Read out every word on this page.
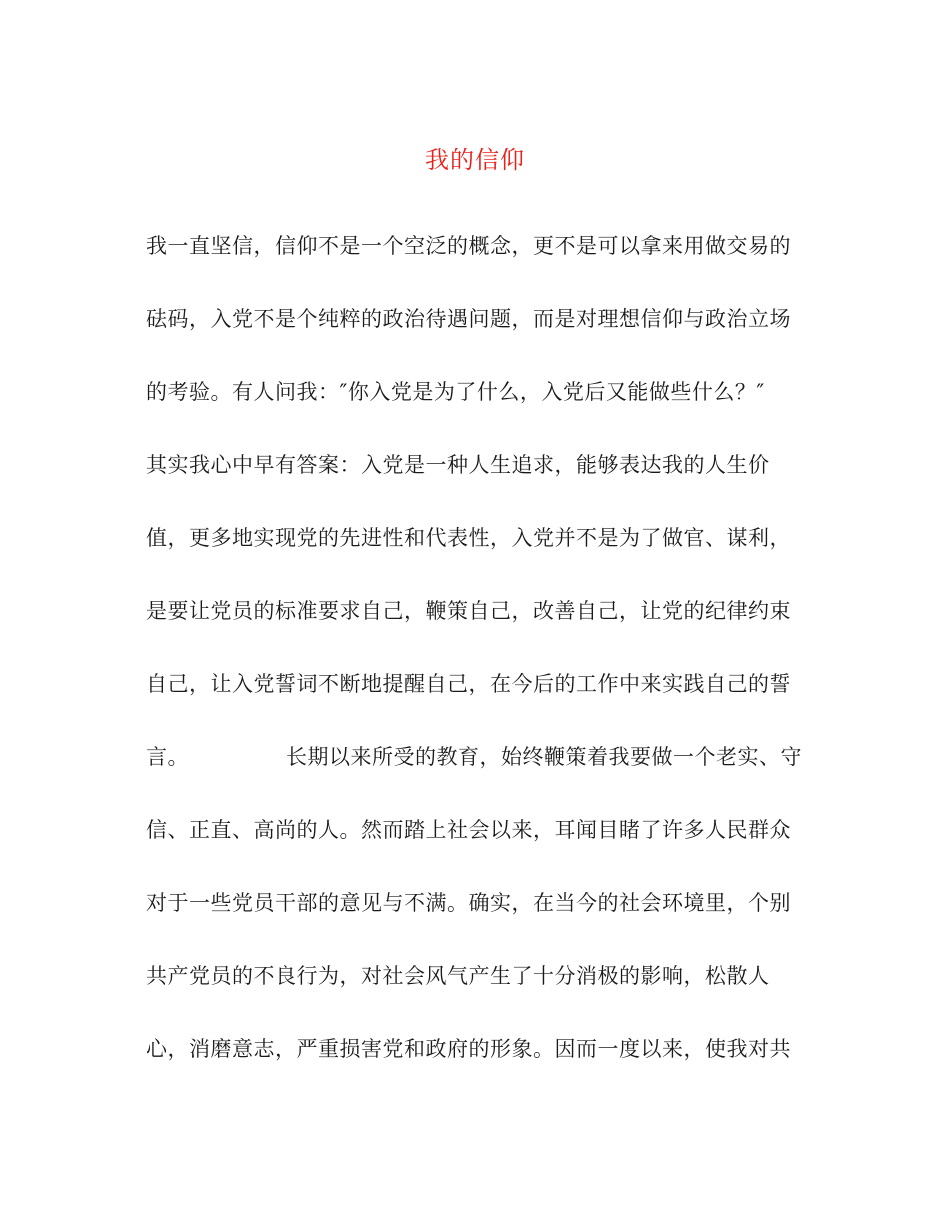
我的信仰
我一直坚信，信仰不是一个空泛的概念，更不是可以拿来用做交易的
砝码，入党不是个纯粹的政治待遇问题，而是对理想信仰与政治立场
的考验。有人问我：″你入党是为了什么，入党后又能做些什么？″
其实我心中早有答案：入党是一种人生追求，能够表达我的人生价
值，更多地实现党的先进性和代表性，入党并不是为了做官、谋利，
是要让党员的标准要求自己，鞭策自己，改善自己，让党的纪律约束
自己，让入党誓词不断地提醒自己，在今后的工作中来实践自己的誓
言。　　　　　长期以来所受的教育，始终鞭策着我要做一个老实、守
信、正直、高尚的人。然而踏上社会以来，耳闻目睹了许多人民群众
对于一些党员干部的意见与不满。确实，在当今的社会环境里，个别
共产党员的不良行为，对社会风气产生了十分消极的影响，松散人
心，消磨意志，严重损害党和政府的形象。因而一度以来，使我对共
